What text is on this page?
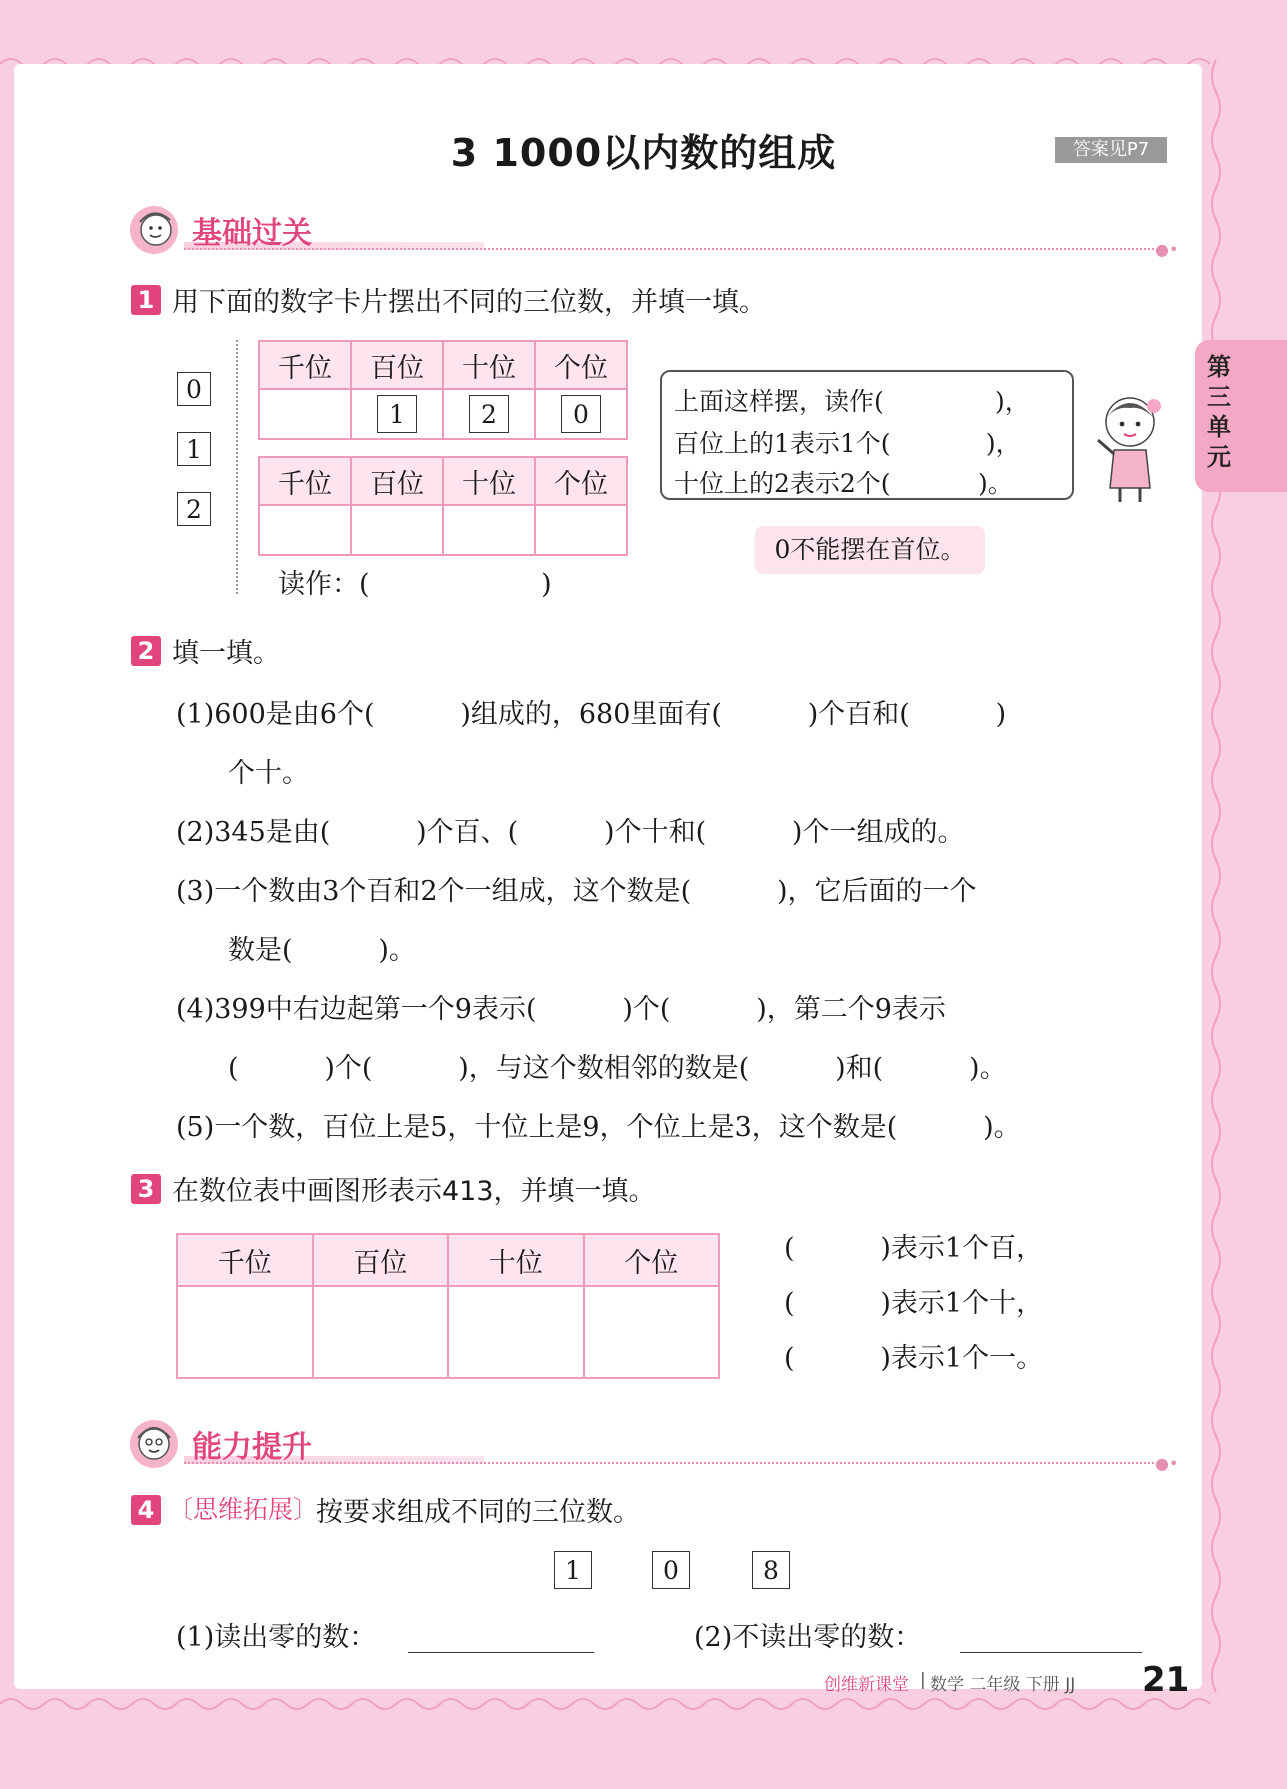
3 1000以内数的组成	答案见P7
第三单元
基础过关	●•
1 用下面的数字卡片摆出不同的三位数，并填一填。
0
1
2
千位	百位	十位	个位
	1	2	0
千位	百位	十位	个位

读作：(                    )
上面这样摆，读作(              )，
百位上的1表示1个(            )，
十位上的2表示2个(           )。
0不能摆在首位。
2 填一填。
(1)600是由6个(          )组成的，680里面有(          )个百和(          )
个十。
(2)345是由(          )个百、(          )个十和(          )个一组成的。
(3)一个数由3个百和2个一组成，这个数是(          )，它后面的一个
数是(          )。
(4)399中右边起第一个9表示(          )个(          )，第二个9表示
(          )个(          )，与这个数相邻的数是(          )和(          )。
(5)一个数，百位上是5，十位上是9，个位上是3，这个数是(          )。
3 在数位表中画图形表示413，并填一填。
千位	百位	十位	个位
				(          )表示1个百，
(          )表示1个十，
(          )表示1个一。
能力提升	●•
4 〔思维拓展〕
按要求组成不同的三位数。
1	0	8
(1)读出零的数：	(2)不读出零的数：
创维新课堂 | 数学 二年级 下册 JJ 21
